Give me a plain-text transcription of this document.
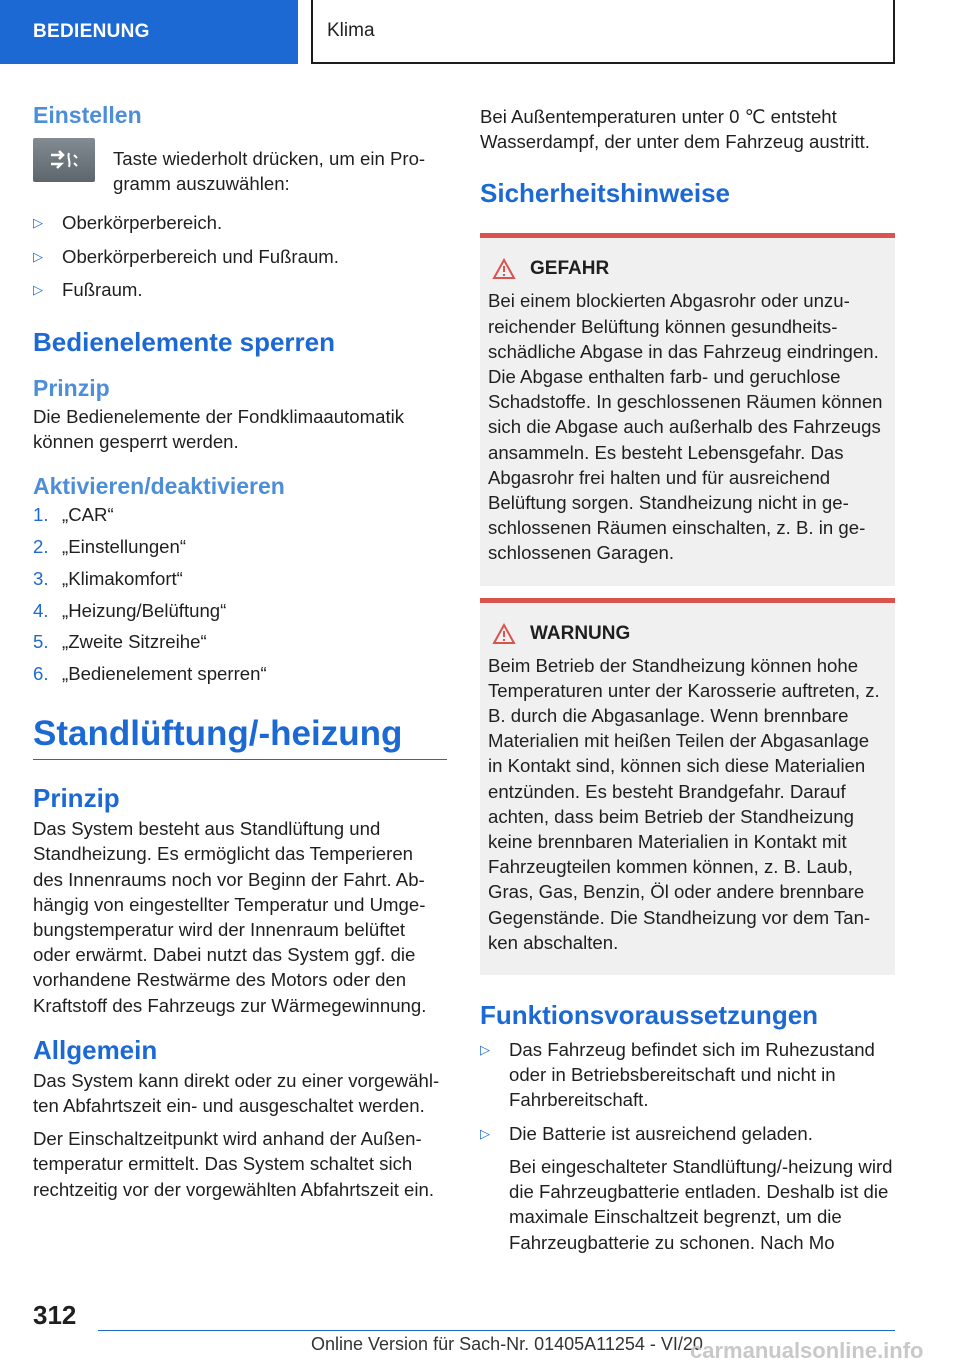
BEDIENUNG	Klima
Einstellen

Taste wiederholt drücken, um ein Programm auszuwählen:

▷ Oberkörperbereich.
▷ Oberkörperbereich und Fußraum.
▷ Fußraum.
Bedienelemente sperren
Prinzip

Die Bedienelemente der Fondklimaautomatik können gesperrt werden.

Aktivieren/deaktivieren
1. „CAR“
2. „Einstellungen“
3. „Klimakomfort“
4. „Heizung/Belüftung“
5. „Zweite Sitzreihe“
6. „Bedienelement sperren“
Standlüftung/-heizung
Prinzip

Das System besteht aus Standlüftung und Standheizung. Es ermöglicht das Temperieren des Innenraums noch vor Beginn der Fahrt. Abhängig von eingestellter Temperatur und Umgebungstemperatur wird der Innenraum belüftet oder erwärmt. Dabei nutzt das System ggf. die vorhandene Restwärme des Motors oder den Kraftstoff des Fahrzeugs zur Wärmegewinnung.

Allgemein

Das System kann direkt oder zu einer vorgewählten Abfahrtszeit ein- und ausgeschaltet werden.

Der Einschaltzeitpunkt wird anhand der Außentemperatur ermittelt. Das System schaltet sich rechtzeitig vor der vorgewählten Abfahrtszeit ein.

Bei Außentemperaturen unter 0 ℃ entsteht Wasserdampf, der unter dem Fahrzeug austritt.

Sicherheitshinweise
GEFAHR

Bei einem blockierten Abgasrohr oder unzureichender Belüftung können gesundheitsschädliche Abgase in das Fahrzeug eindringen. Die Abgase enthalten farb- und geruchlose Schadstoffe. In geschlossenen Räumen können sich die Abgase auch außerhalb des Fahrzeugs ansammeln. Es besteht Lebensgefahr. Das Abgasrohr frei halten und für ausreichend Belüftung sorgen. Standheizung nicht in geschlossenen Räumen einschalten, z. B. in geschlossenen Garagen.

WARNUNG

Beim Betrieb der Standheizung können hohe Temperaturen unter der Karosserie auftreten, z. B. durch die Abgasanlage. Wenn brennbare Materialien mit heißen Teilen der Abgasanlage in Kontakt sind, können sich diese Materialien entzünden. Es besteht Brandgefahr. Darauf achten, dass beim Betrieb der Standheizung keine brennbaren Materialien in Kontakt mit Fahrzeugteilen kommen können, z. B. Laub, Gras, Gas, Benzin, Öl oder andere brennbare Gegenstände. Die Standheizung vor dem Tanken abschalten.

Funktionsvoraussetzungen
▷ Das Fahrzeug befindet sich im Ruhezustand oder in Betriebsbereitschaft und nicht in Fahrbereitschaft.
▷ Die Batterie ist ausreichend geladen.

Bei eingeschalteter Standlüftung/-heizung wird die Fahrzeugbatterie entladen. Deshalb ist die maximale Einschaltzeit begrenzt, um die Fahrzeugbatterie zu schonen. Nach Mo

312
Online Version für Sach-Nr. 01405A11254 - VI/20
carmanualsonline.info
